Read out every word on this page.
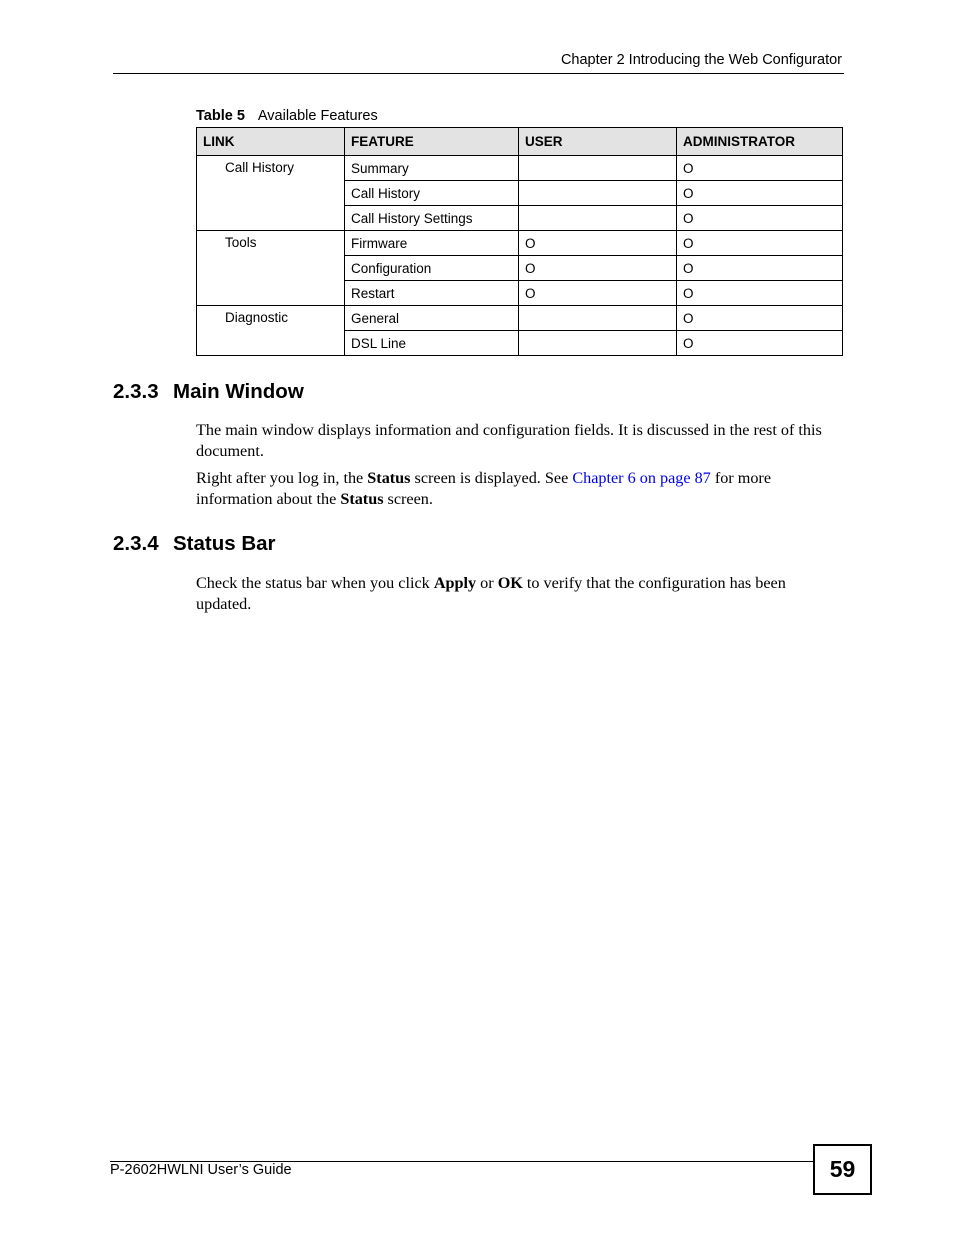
Chapter 2 Introducing the Web Configurator
Table 5 Available Features
LINK	FEATURE	USER	ADMINISTRATOR
Call History	Summary		O
	Call History		O
	Call History Settings		O
Tools	Firmware	O	O
	Configuration	O	O
	Restart	O	O
Diagnostic	General		O
	DSL Line		O
2.3.3 Main Window

The main window displays information and configuration fields. It is discussed in the rest of this document.

Right after you log in, the Status screen is displayed. See Chapter 6 on page 87 for more information about the Status screen.

2.3.4 Status Bar

Check the status bar when you click Apply or OK to verify that the configuration has been updated.

P-2602HWLNI User’s Guide	59
